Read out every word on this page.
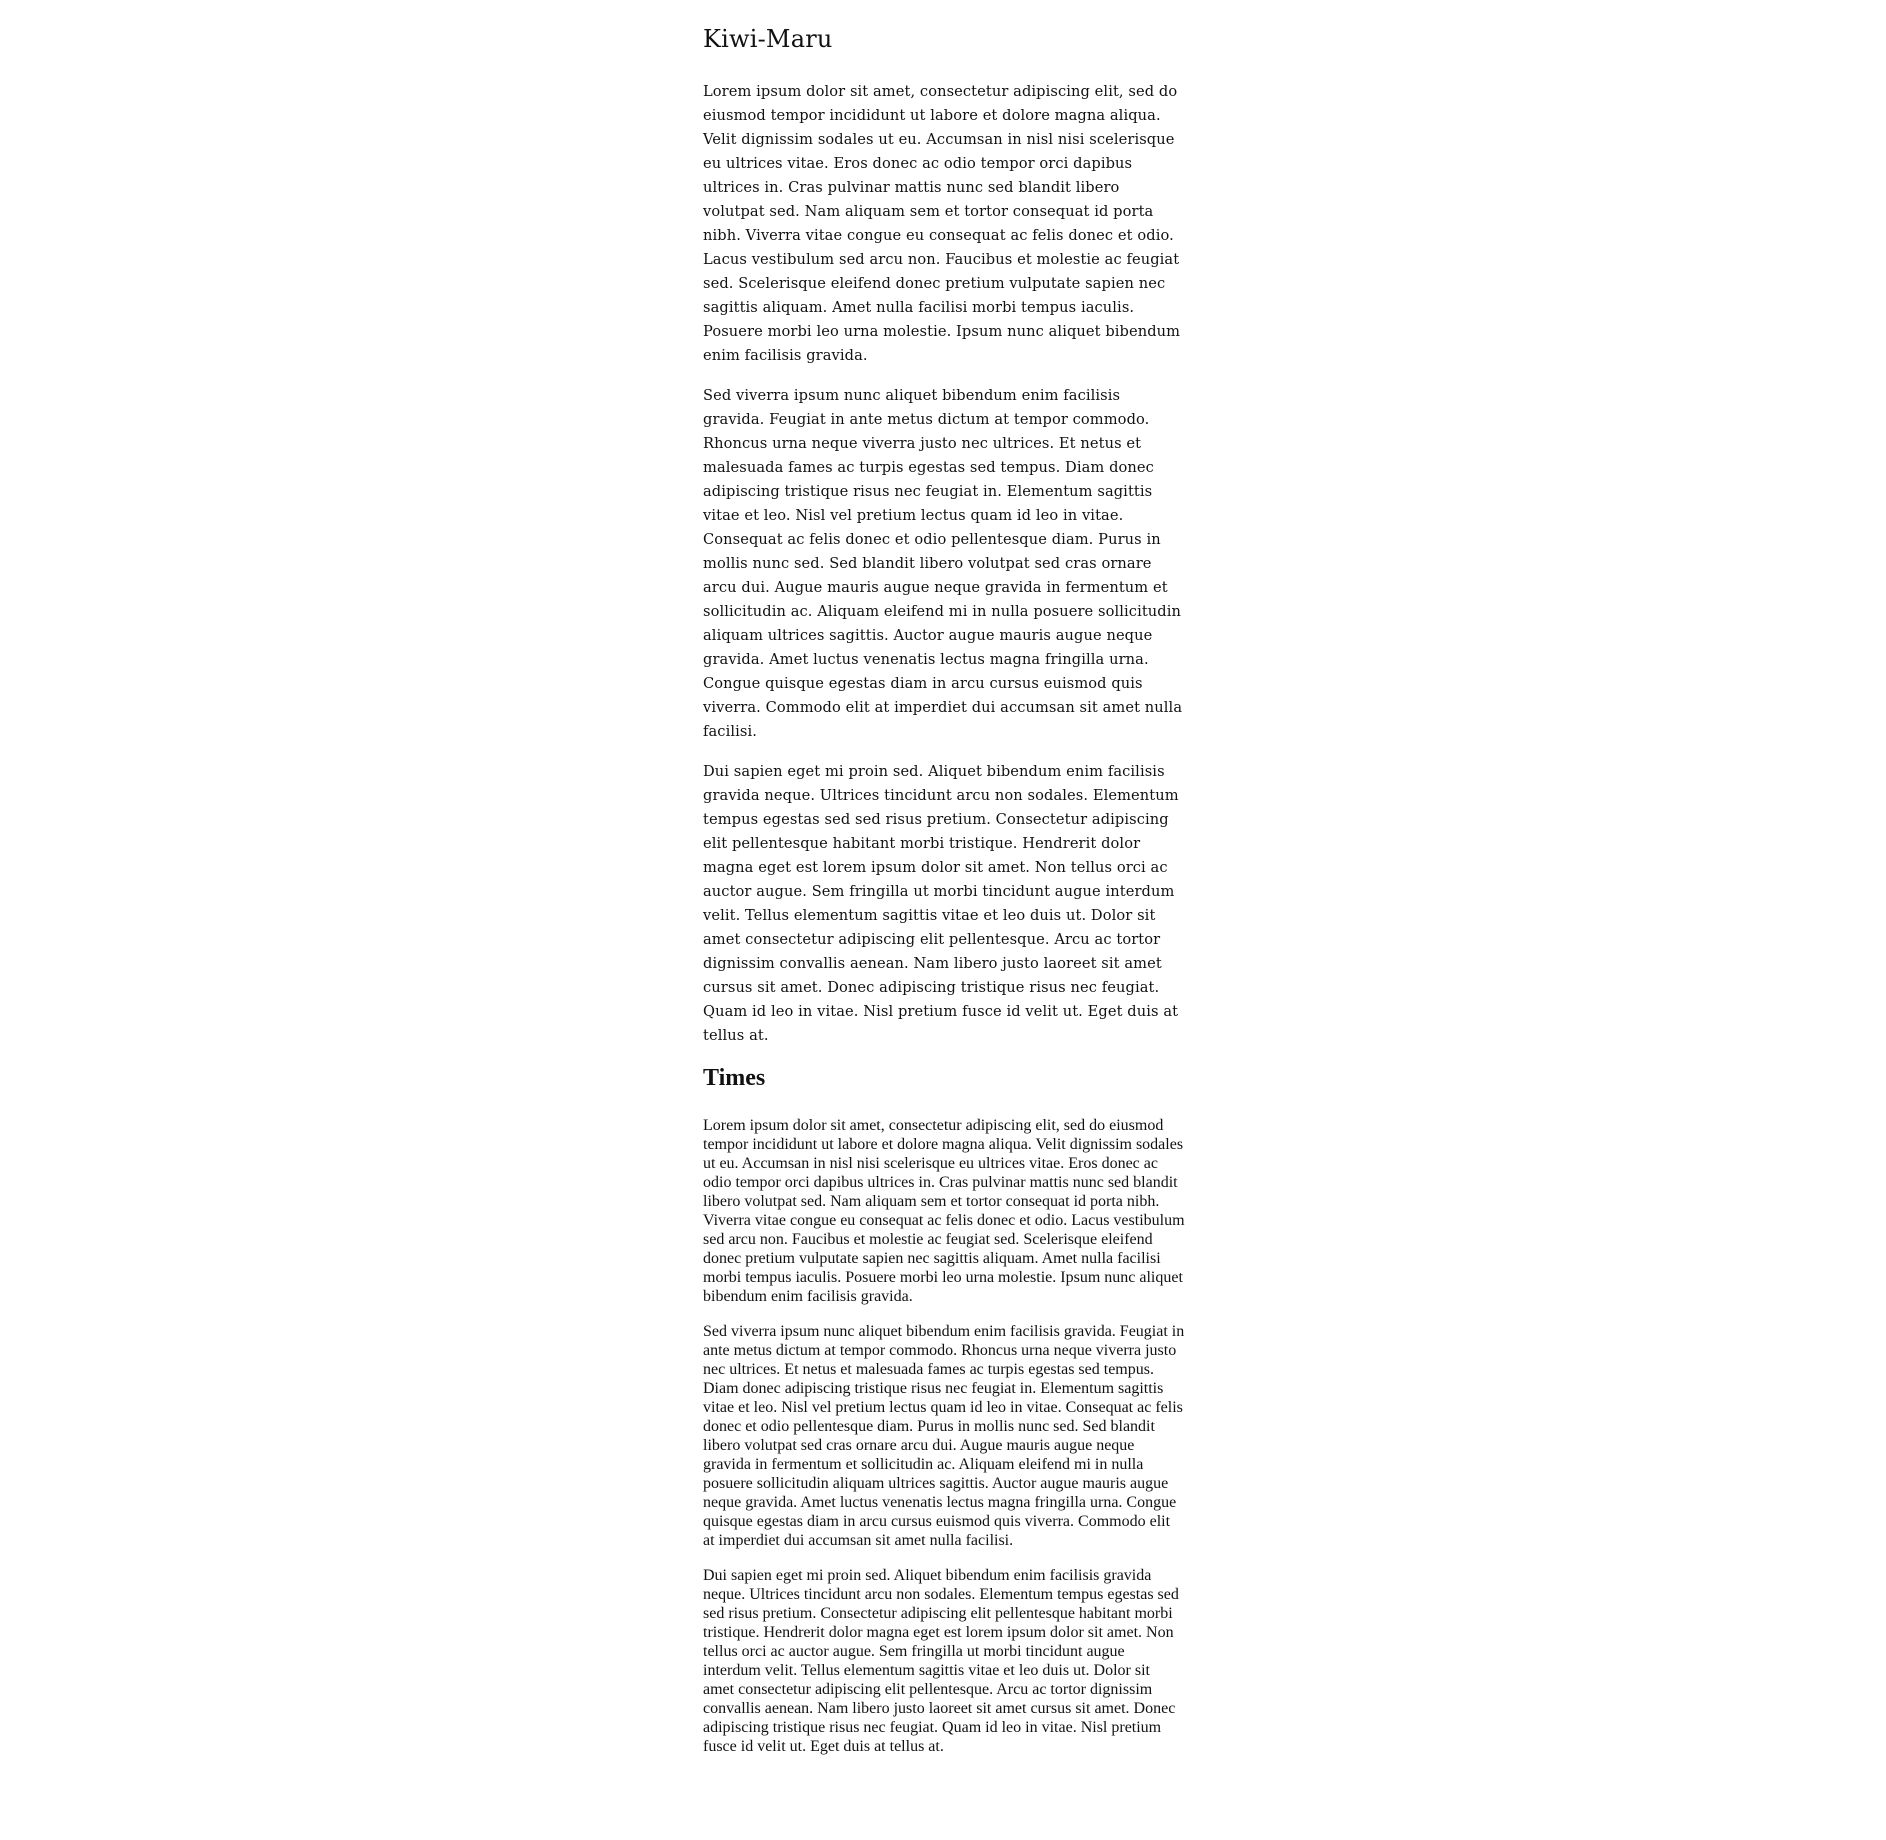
Kiwi-Maru

Lorem ipsum dolor sit amet, consectetur adipiscing elit, sed do eiusmod tempor incididunt ut labore et dolore magna aliqua. Velit dignissim sodales ut eu. Accumsan in nisl nisi scelerisque eu ultrices vitae. Eros donec ac odio tempor orci dapibus ultrices in. Cras pulvinar mattis nunc sed blandit libero volutpat sed. Nam aliquam sem et tortor consequat id porta nibh. Viverra vitae congue eu consequat ac felis donec et odio. Lacus vestibulum sed arcu non. Faucibus et molestie ac feugiat sed. Scelerisque eleifend donec pretium vulputate sapien nec sagittis aliquam. Amet nulla facilisi morbi tempus iaculis. Posuere morbi leo urna molestie. Ipsum nunc aliquet bibendum enim facilisis gravida.

Sed viverra ipsum nunc aliquet bibendum enim facilisis gravida. Feugiat in ante metus dictum at tempor commodo. Rhoncus urna neque viverra justo nec ultrices. Et netus et malesuada fames ac turpis egestas sed tempus. Diam donec adipiscing tristique risus nec feugiat in. Elementum sagittis vitae et leo. Nisl vel pretium lectus quam id leo in vitae. Consequat ac felis donec et odio pellentesque diam. Purus in mollis nunc sed. Sed blandit libero volutpat sed cras ornare arcu dui. Augue mauris augue neque gravida in fermentum et sollicitudin ac. Aliquam eleifend mi in nulla posuere sollicitudin aliquam ultrices sagittis. Auctor augue mauris augue neque gravida. Amet luctus venenatis lectus magna fringilla urna. Congue quisque egestas diam in arcu cursus euismod quis viverra. Commodo elit at imperdiet dui accumsan sit amet nulla facilisi.

Dui sapien eget mi proin sed. Aliquet bibendum enim facilisis gravida neque. Ultrices tincidunt arcu non sodales. Elementum tempus egestas sed sed risus pretium. Consectetur adipiscing elit pellentesque habitant morbi tristique. Hendrerit dolor magna eget est lorem ipsum dolor sit amet. Non tellus orci ac auctor augue. Sem fringilla ut morbi tincidunt augue interdum velit. Tellus elementum sagittis vitae et leo duis ut. Dolor sit amet consectetur adipiscing elit pellentesque. Arcu ac tortor dignissim convallis aenean. Nam libero justo laoreet sit amet cursus sit amet. Donec adipiscing tristique risus nec feugiat. Quam id leo in vitae. Nisl pretium fusce id velit ut. Eget duis at tellus at.

Times

Lorem ipsum dolor sit amet, consectetur adipiscing elit, sed do eiusmod tempor incididunt ut labore et dolore magna aliqua. Velit dignissim sodales ut eu. Accumsan in nisl nisi scelerisque eu ultrices vitae. Eros donec ac odio tempor orci dapibus ultrices in. Cras pulvinar mattis nunc sed blandit libero volutpat sed. Nam aliquam sem et tortor consequat id porta nibh. Viverra vitae congue eu consequat ac felis donec et odio. Lacus vestibulum sed arcu non. Faucibus et molestie ac feugiat sed. Scelerisque eleifend donec pretium vulputate sapien nec sagittis aliquam. Amet nulla facilisi morbi tempus iaculis. Posuere morbi leo urna molestie. Ipsum nunc aliquet bibendum enim facilisis gravida.

Sed viverra ipsum nunc aliquet bibendum enim facilisis gravida. Feugiat in ante metus dictum at tempor commodo. Rhoncus urna neque viverra justo nec ultrices. Et netus et malesuada fames ac turpis egestas sed tempus. Diam donec adipiscing tristique risus nec feugiat in. Elementum sagittis vitae et leo. Nisl vel pretium lectus quam id leo in vitae. Consequat ac felis donec et odio pellentesque diam. Purus in mollis nunc sed. Sed blandit libero volutpat sed cras ornare arcu dui. Augue mauris augue neque gravida in fermentum et sollicitudin ac. Aliquam eleifend mi in nulla posuere sollicitudin aliquam ultrices sagittis. Auctor augue mauris augue neque gravida. Amet luctus venenatis lectus magna fringilla urna. Congue quisque egestas diam in arcu cursus euismod quis viverra. Commodo elit at imperdiet dui accumsan sit amet nulla facilisi.

Dui sapien eget mi proin sed. Aliquet bibendum enim facilisis gravida neque. Ultrices tincidunt arcu non sodales. Elementum tempus egestas sed sed risus pretium. Consectetur adipiscing elit pellentesque habitant morbi tristique. Hendrerit dolor magna eget est lorem ipsum dolor sit amet. Non tellus orci ac auctor augue. Sem fringilla ut morbi tincidunt augue interdum velit. Tellus elementum sagittis vitae et leo duis ut. Dolor sit amet consectetur adipiscing elit pellentesque. Arcu ac tortor dignissim convallis aenean. Nam libero justo laoreet sit amet cursus sit amet. Donec adipiscing tristique risus nec feugiat. Quam id leo in vitae. Nisl pretium fusce id velit ut. Eget duis at tellus at.
